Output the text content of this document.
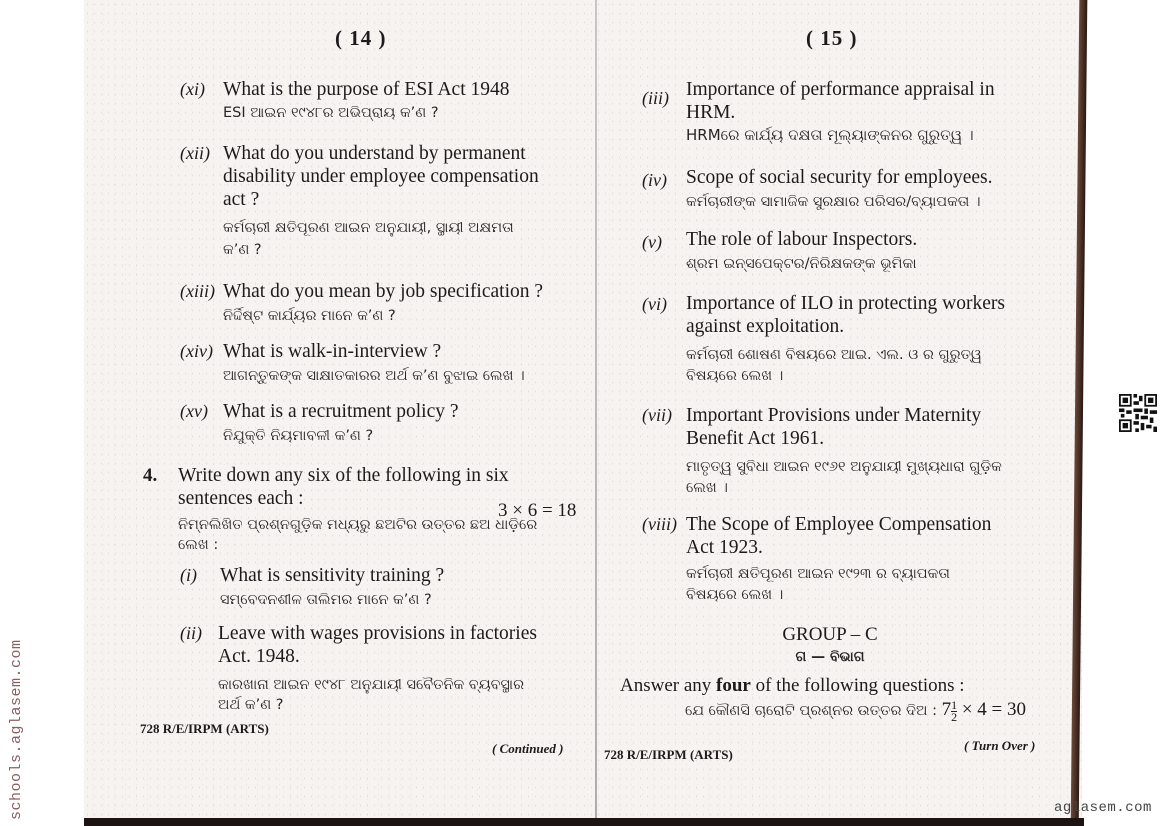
( 14 )
(xi) What is the purpose of ESI Act 1948

ESI ଆଇନ ୧୯୪୮ର ଅଭିପ୍ରାୟ କ’ଣ ?

(xii) What do you understand by permanent

disability under employee compensation

act ?

କର୍ମଚାରୀ କ୍ଷତିପୂରଣ ଆଇନ ଅନୁଯାୟୀ, ସ୍ଥାୟୀ ଅକ୍ଷମତା

କ’ଣ ?

(xiii) What do you mean by job specification ?

ନିର୍ଦ୍ଦିଷ୍ଟ କାର୍ଯ୍ୟର ମାନେ କ’ଣ ?

(xiv) What is walk-in-interview ?

ଆଗନ୍ତୁକଙ୍କ ସାକ୍ଷାତକାରର ଅର୍ଥ କ’ଣ ବୁଝାଇ ଲେଖ ।

(xv) What is a recruitment policy ?

ନିଯୁକ୍ତି ନିୟମାବଳୀ କ’ଣ ?

4. Write down any six of the following in six

sentences each :

ନିମ୍ନଲିଖିତ ପ୍ରଶ୍ନଗୁଡ଼ିକ ମଧ୍ୟରୁ ଛଅଟିର ଉତ୍ତର ଛଅ ଧାଡ଼ିରେ

ଲେଖ :

3 × 6 = 18
(i) What is sensitivity training ?

ସମ୍ବେଦନଶୀଳ ତାଲିମର ମାନେ କ’ଣ ?

(ii) Leave with wages provisions in factories

Act. 1948.

କାରଖାନା ଆଇନ ୧୯୪୮ ଅନୁଯାୟୀ ସବୈତନିକ ବ୍ୟବସ୍ଥାର

ଅର୍ଥ କ’ଣ ?

728 R/E/IRPM (ARTS)
( Continued )
( 15 )
(iii) Importance of performance appraisal in

HRM.

HRMରେ କାର୍ଯ୍ୟ ଦକ୍ଷତା ମୂଲ୍ୟାଙ୍କନର ଗୁରୁତ୍ୱ ।

(iv) Scope of social security for employees.

କର୍ମଚାରୀଙ୍କ ସାମାଜିକ ସୁରକ୍ଷାର ପରିସର/ବ୍ୟାପକତା ।

(v) The role of labour Inspectors.

ଶ୍ରମ ଇନ୍‌ସପେକ୍ଟର/ନିରିକ୍ଷକଙ୍କ ଭୂମିକା

(vi) Importance of ILO in protecting workers

against exploitation.

କର୍ମଚାରୀ ଶୋଷଣ ବିଷୟରେ ଆଇ. ଏଲ. ଓ ର ଗୁରୁତ୍ୱ

ବିଷୟରେ ଲେଖ ।

(vii) Important Provisions under Maternity

Benefit Act 1961.

ମାତୃତ୍ୱ ସୁବିଧା ଆଇନ ୧୯୬୧ ଅନୁଯାୟୀ ମୁଖ୍ୟଧାରା ଗୁଡ଼ିକ

ଲେଖ ।

(viii) The Scope of Employee Compensation

Act 1923.

କର୍ମଚାରୀ କ୍ଷତିପୂରଣ ଆଇନ ୧୯୨୩ ର ବ୍ୟାପକତା

ବିଷୟରେ ଲେଖ ।

GROUP – C
ଗ — ବିଭାଗ

Answer any four of the following questions :

ଯେ କୌଣସି ଚାରୋଟି ପ୍ରଶ୍ନର ଉତ୍ତର ଦିଅ : $7 \frac{1}{2} \times 4 = 30$
728 R/E/IRPM (ARTS)
( Turn Over )
schools.aglasem.com	aglasem.com
